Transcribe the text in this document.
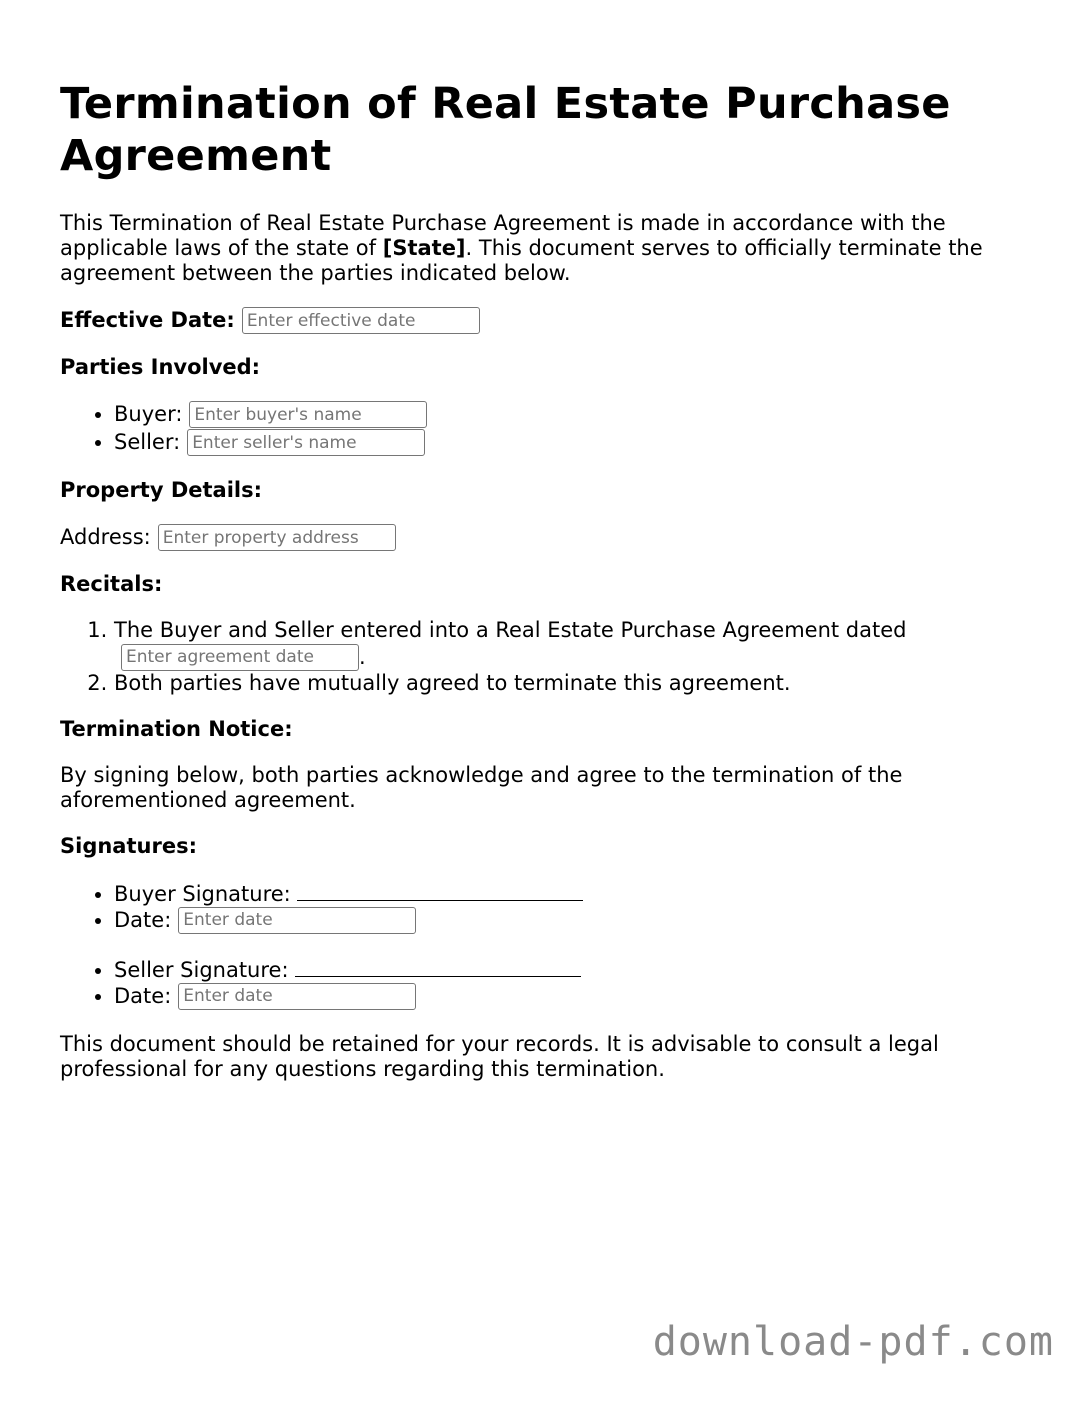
Termination of Real Estate Purchase Agreement

This Termination of Real Estate Purchase Agreement is made in accordance with the applicable laws of the state of [State]. This document serves to officially terminate the agreement between the parties indicated below.

Effective Date:
Enter effective date
Parties Involved:
• Buyer:
Enter buyer's name
• Seller:
Enter seller's name
Property Details:
Address:
Enter property address
Recitals:
1. The Buyer and Seller entered into a Real Estate Purchase Agreement dated

Enter agreement date
.
2. Both parties have mutually agreed to terminate this agreement.
Termination Notice:

By signing below, both parties acknowledge and agree to the termination of the aforementioned agreement.

Signatures:
• Buyer Signature:
• Date:
Enter date
• Seller Signature:
• Date:
Enter date

This document should be retained for your records. It is advisable to consult a legal professional for any questions regarding this termination.

download-pdf.com
